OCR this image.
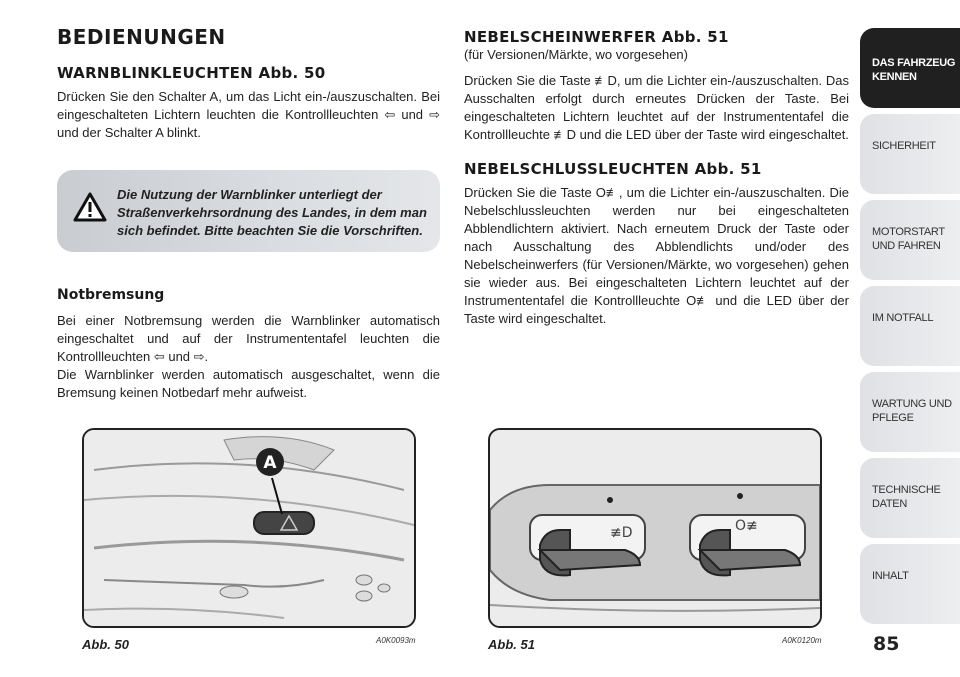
BEDIENUNGEN
WARNBLINKLEUCHTEN Abb. 50

Drücken Sie den Schalter A, um das Licht ein-/auszuschalten. Bei eingeschalteten Lichtern leuchten die Kontrollleuchten ⇦ und ⇨ und der Schalter A blinkt.

Die Nutzung der Warnblinker unterliegt der Straßenverkehrsordnung des Landes, in dem man sich befindet. Bitte beachten Sie die Vorschriften.
Notbremsung

Bei einer Notbremsung werden die Warnblinker automatisch eingeschaltet und auf der Instrumententafel leuchten die Kontrollleuchten ⇦ und ⇨.

Die Warnblinker werden automatisch ausgeschaltet, wenn die Bremsung keinen Notbedarf mehr aufweist.

NEBELSCHEINWERFER Abb. 51
(für Versionen/Märkte, wo vorgesehen)

Drücken Sie die Taste ≢D, um die Lichter ein-/auszuschalten. Das Ausschalten erfolgt durch erneutes Drücken der Taste. Bei eingeschalteten Lichtern leuchtet auf der Instrumententafel die Kontrollleuchte ≢D und die LED über der Taste wird eingeschaltet.

NEBELSCHLUSSLEUCHTEN Abb. 51

Drücken Sie die Taste O≢, um die Lichter ein-/auszuschalten. Die Nebelschlussleuchten werden nur bei eingeschalteten Abblendlichtern aktiviert. Nach erneutem Druck der Taste oder nach Ausschaltung des Abblendlichts und/oder des Nebelscheinwerfers (für Versionen/Märkte, wo vorgesehen) gehen sie wieder aus. Bei eingeschalteten Lichtern leuchtet auf der Instrumententafel die Kontrollleuchte O≢ und die LED über der Taste wird eingeschaltet.

A
Abb. 50	A0K0093m
≢D	O≢
Abb. 51	A0K0120m
DAS FAHRZEUG KENNEN
SICHERHEIT
MOTORSTART UND FAHREN
IM NOTFALL
WARTUNG UND PFLEGE
TECHNISCHE DATEN
INHALT
85
